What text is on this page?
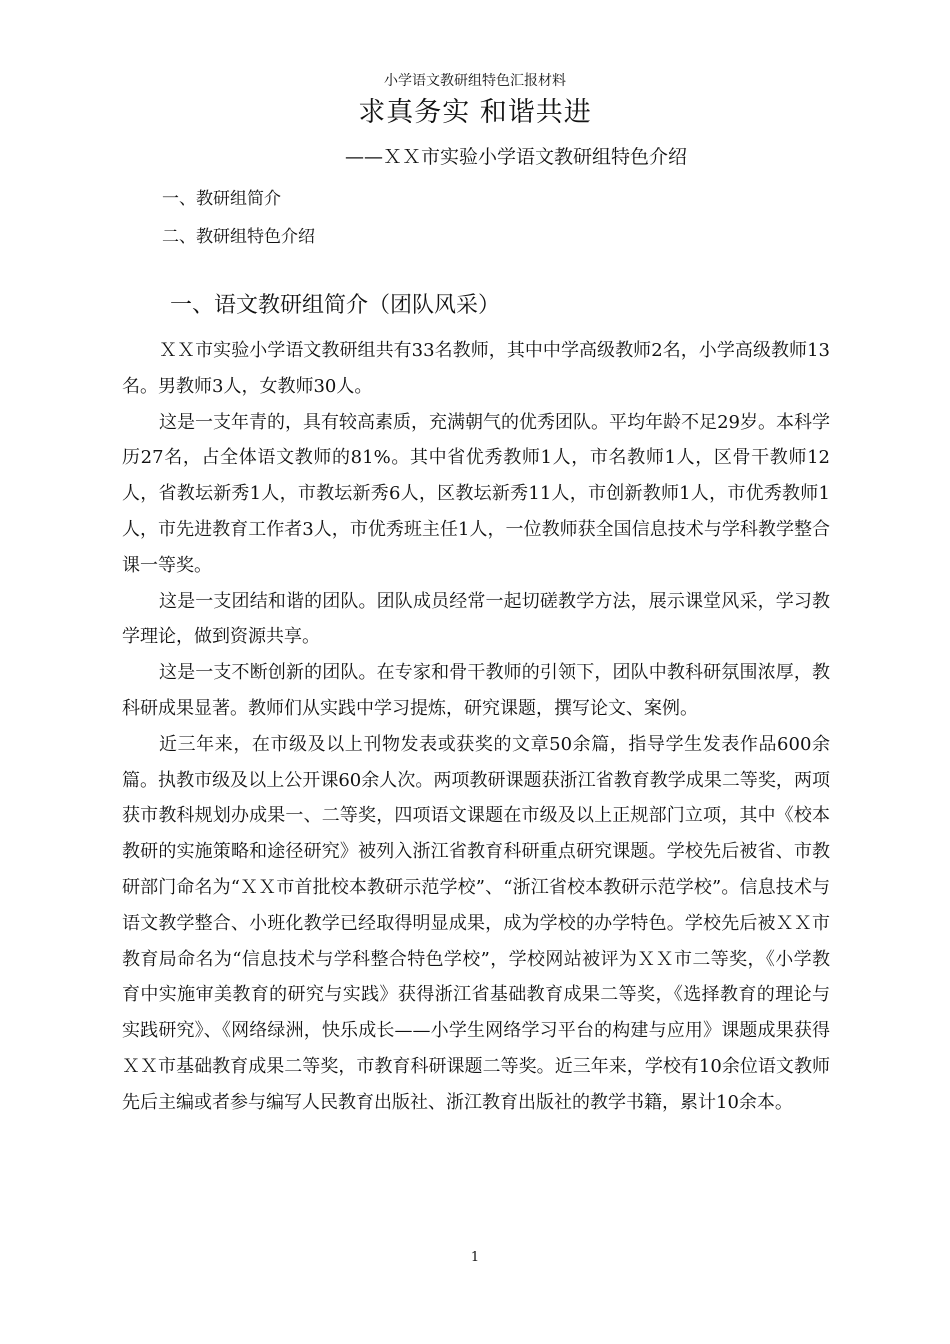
小学语文教研组特色汇报材料
求真务实 和谐共进
——ＸＸ市实验小学语文教研组特色介绍
一、教研组简介
二、教研组特色介绍
一、语文教研组简介（团队风采）

ＸＸ市实验小学语文教研组共有33名教师，其中中学高级教师2名，小学高级教师13名。男教师3人，女教师30人。

这是一支年青的，具有较高素质，充满朝气的优秀团队。平均年龄不足29岁。本科学历27名，占全体语文教师的81%。其中省优秀教师1人，市名教师1人，区骨干教师12人，省教坛新秀1人，市教坛新秀6人，区教坛新秀11人，市创新教师1人，市优秀教师1人，市先进教育工作者3人，市优秀班主任1人，一位教师获全国信息技术与学科教学整合课一等奖。

这是一支团结和谐的团队。团队成员经常一起切磋教学方法，展示课堂风采，学习教学理论，做到资源共享。

这是一支不断创新的团队。在专家和骨干教师的引领下，团队中教科研氛围浓厚，教科研成果显著。教师们从实践中学习提炼，研究课题，撰写论文、案例。

近三年来，在市级及以上刊物发表或获奖的文章50余篇，指导学生发表作品600余篇。执教市级及以上公开课60余人次。两项教研课题获浙江省教育教学成果二等奖，两项获市教科规划办成果一、二等奖，四项语文课题在市级及以上正规部门立项，其中《校本教研的实施策略和途径研究》被列入浙江省教育科研重点研究课题。学校先后被省、市教研部门命名为“ＸＸ市首批校本教研示范学校”、“浙江省校本教研示范学校”。信息技术与语文教学整合、小班化教学已经取得明显成果，成为学校的办学特色。学校先后被ＸＸ市教育局命名为“信息技术与学科整合特色学校”，学校网站被评为ＸＸ市二等奖，《小学教育中实施审美教育的研究与实践》获得浙江省基础教育成果二等奖，《选择教育的理论与实践研究》、《网络绿洲，快乐成长——小学生网络学习平台的构建与应用》课题成果获得ＸＸ市基础教育成果二等奖，市教育科研课题二等奖。近三年来，学校有10余位语文教师先后主编或者参与编写人民教育出版社、浙江教育出版社的教学书籍，累计10余本。

1
